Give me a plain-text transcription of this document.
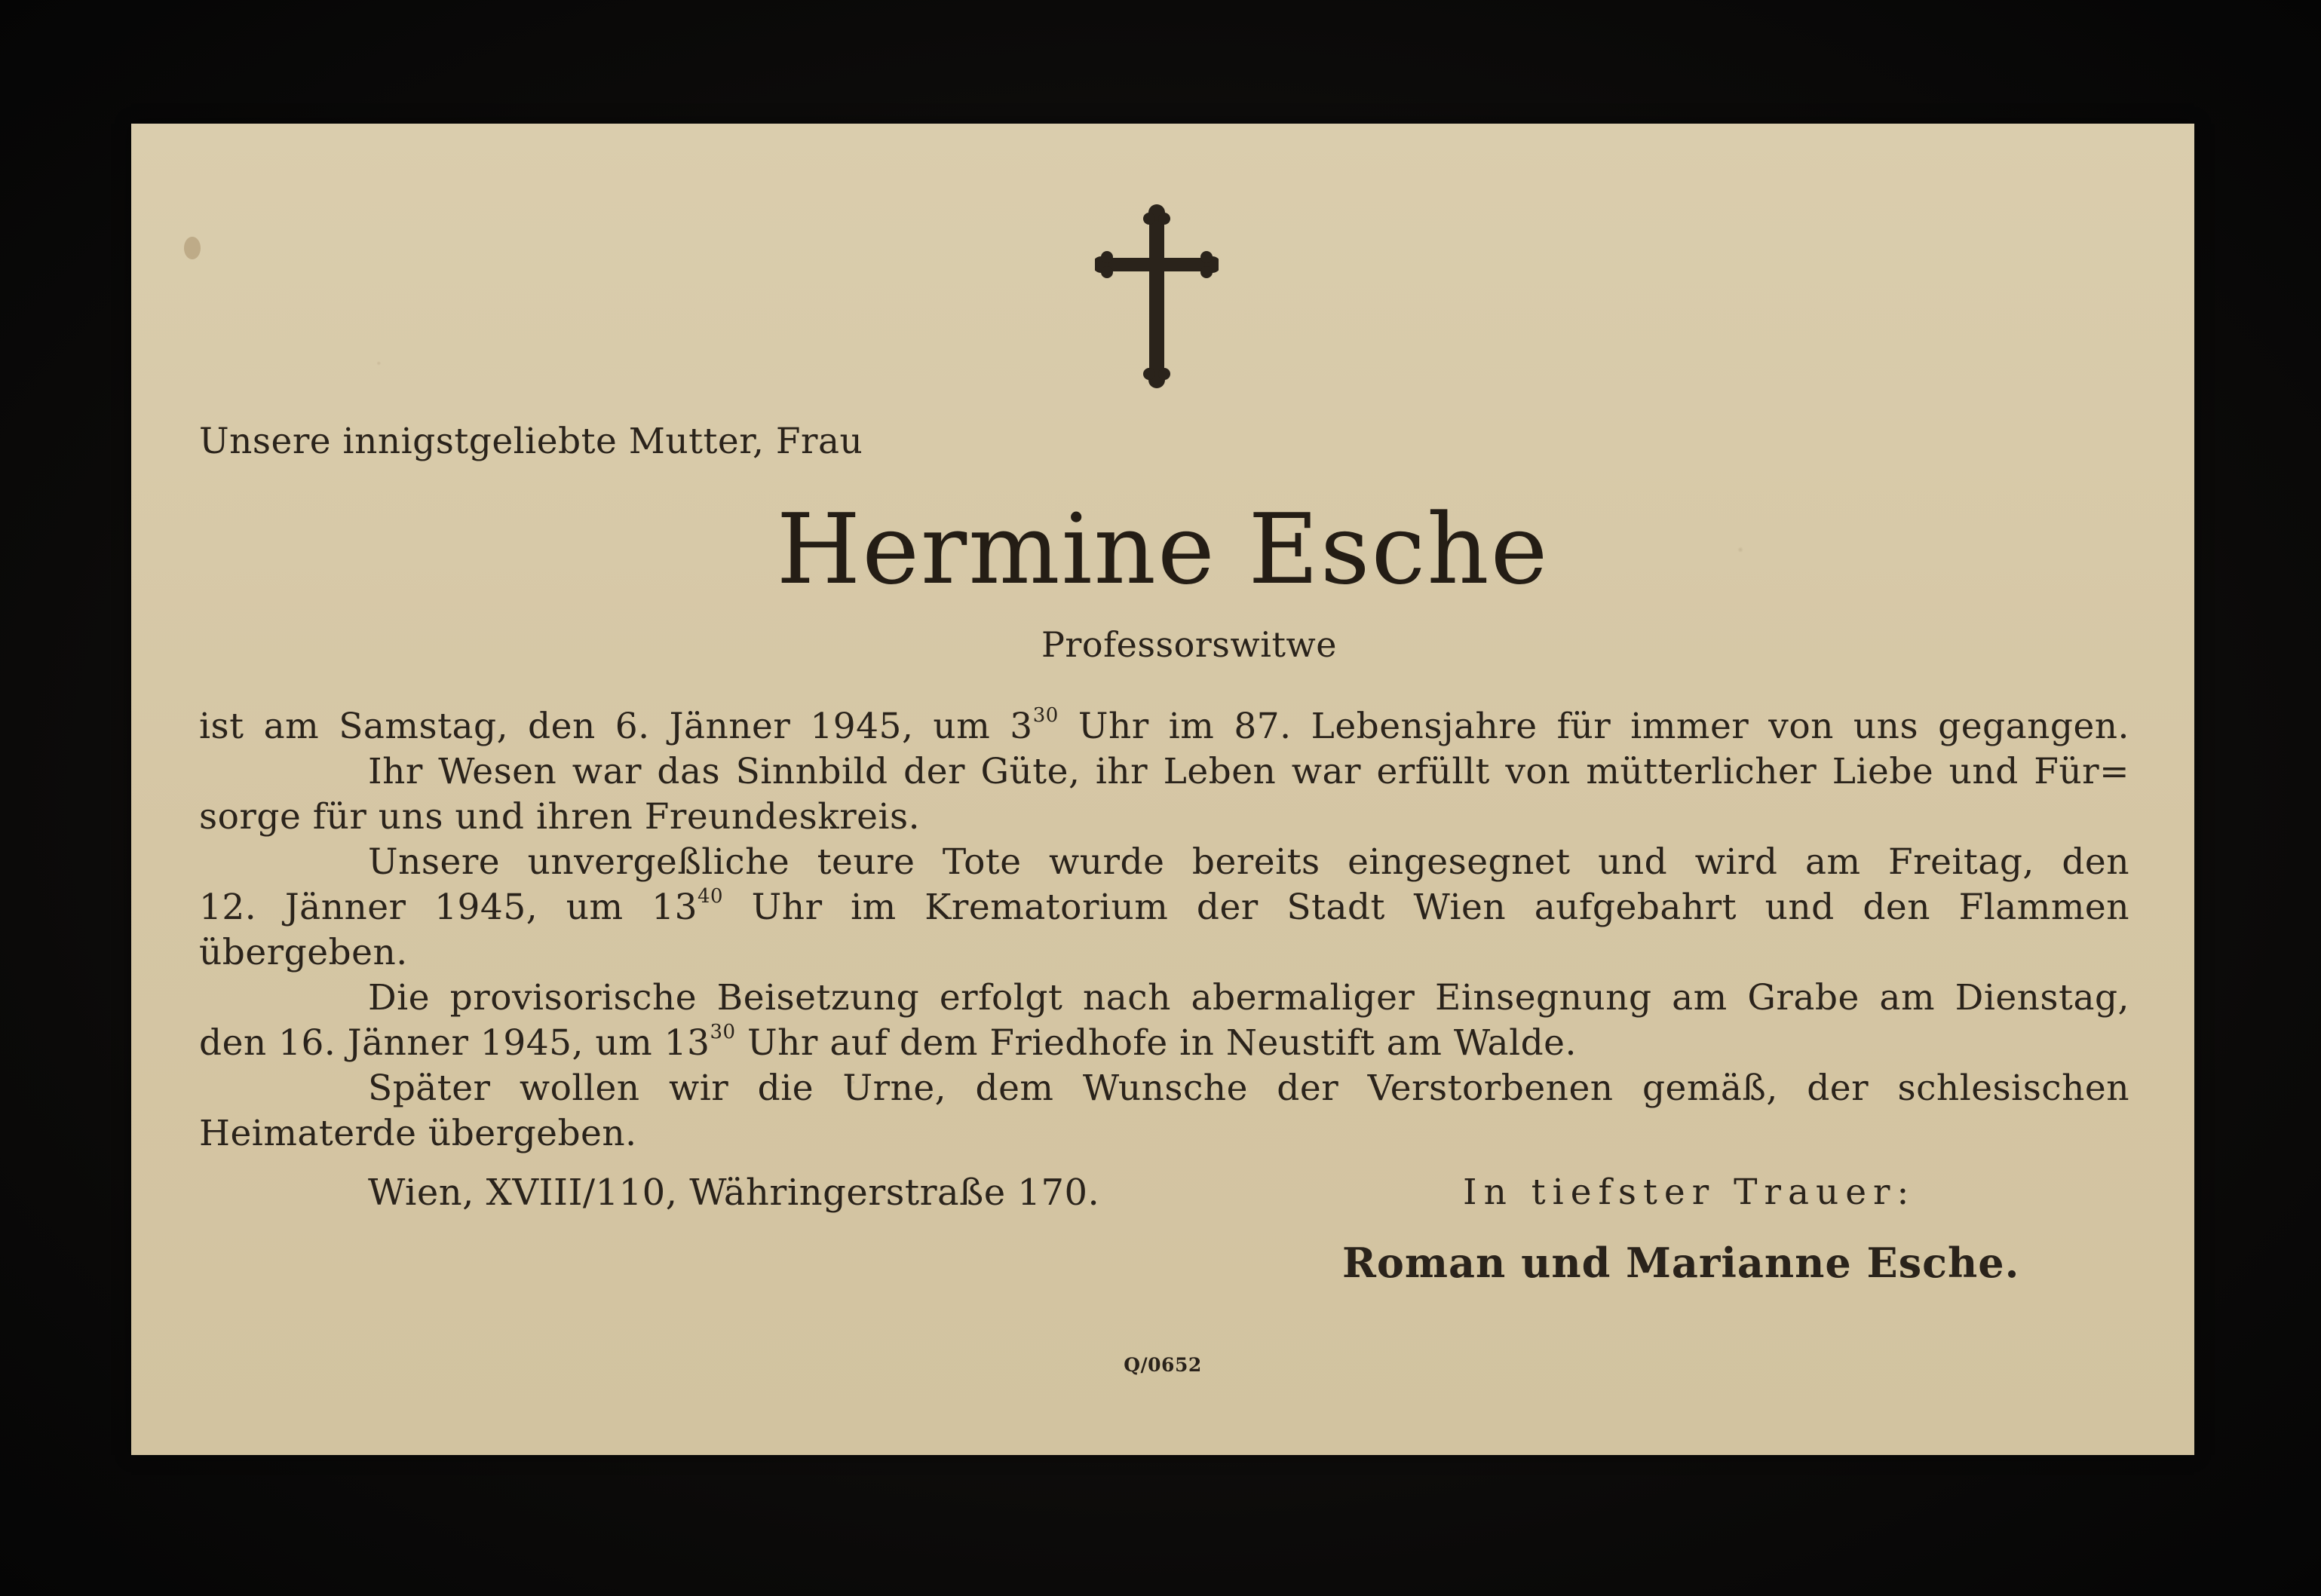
Unsere innigstgeliebte Mutter, Frau
Hermine Esche
Professorswitwe
ist am Samstag, den 6. Jänner 1945, um $3^{30}$ Uhr im 87. Lebensjahre für immer von uns gegangen.
Ihr Wesen war das Sinnbild der Güte, ihr Leben war erfüllt von mütterlicher Liebe und Für=
sorge für uns und ihren Freundeskreis.
Unsere unvergeßliche teure Tote wurde bereits eingesegnet und wird am Freitag, den
12. Jänner 1945, um $13^{40}$ Uhr im Krematorium der Stadt Wien aufgebahrt und den Flammen
übergeben.
Die provisorische Beisetzung erfolgt nach abermaliger Einsegnung am Grabe am Dienstag,
den 16. Jänner 1945, um $13^{30}$ Uhr auf dem Friedhofe in Neustift am Walde.
Später wollen wir die Urne, dem Wunsche der Verstorbenen gemäß, der schlesischen
Heimaterde übergeben.
Wien, XVIII/110, Währingerstraße 170.	In tiefster Trauer:
Roman und Marianne Esche.
Q/0652
